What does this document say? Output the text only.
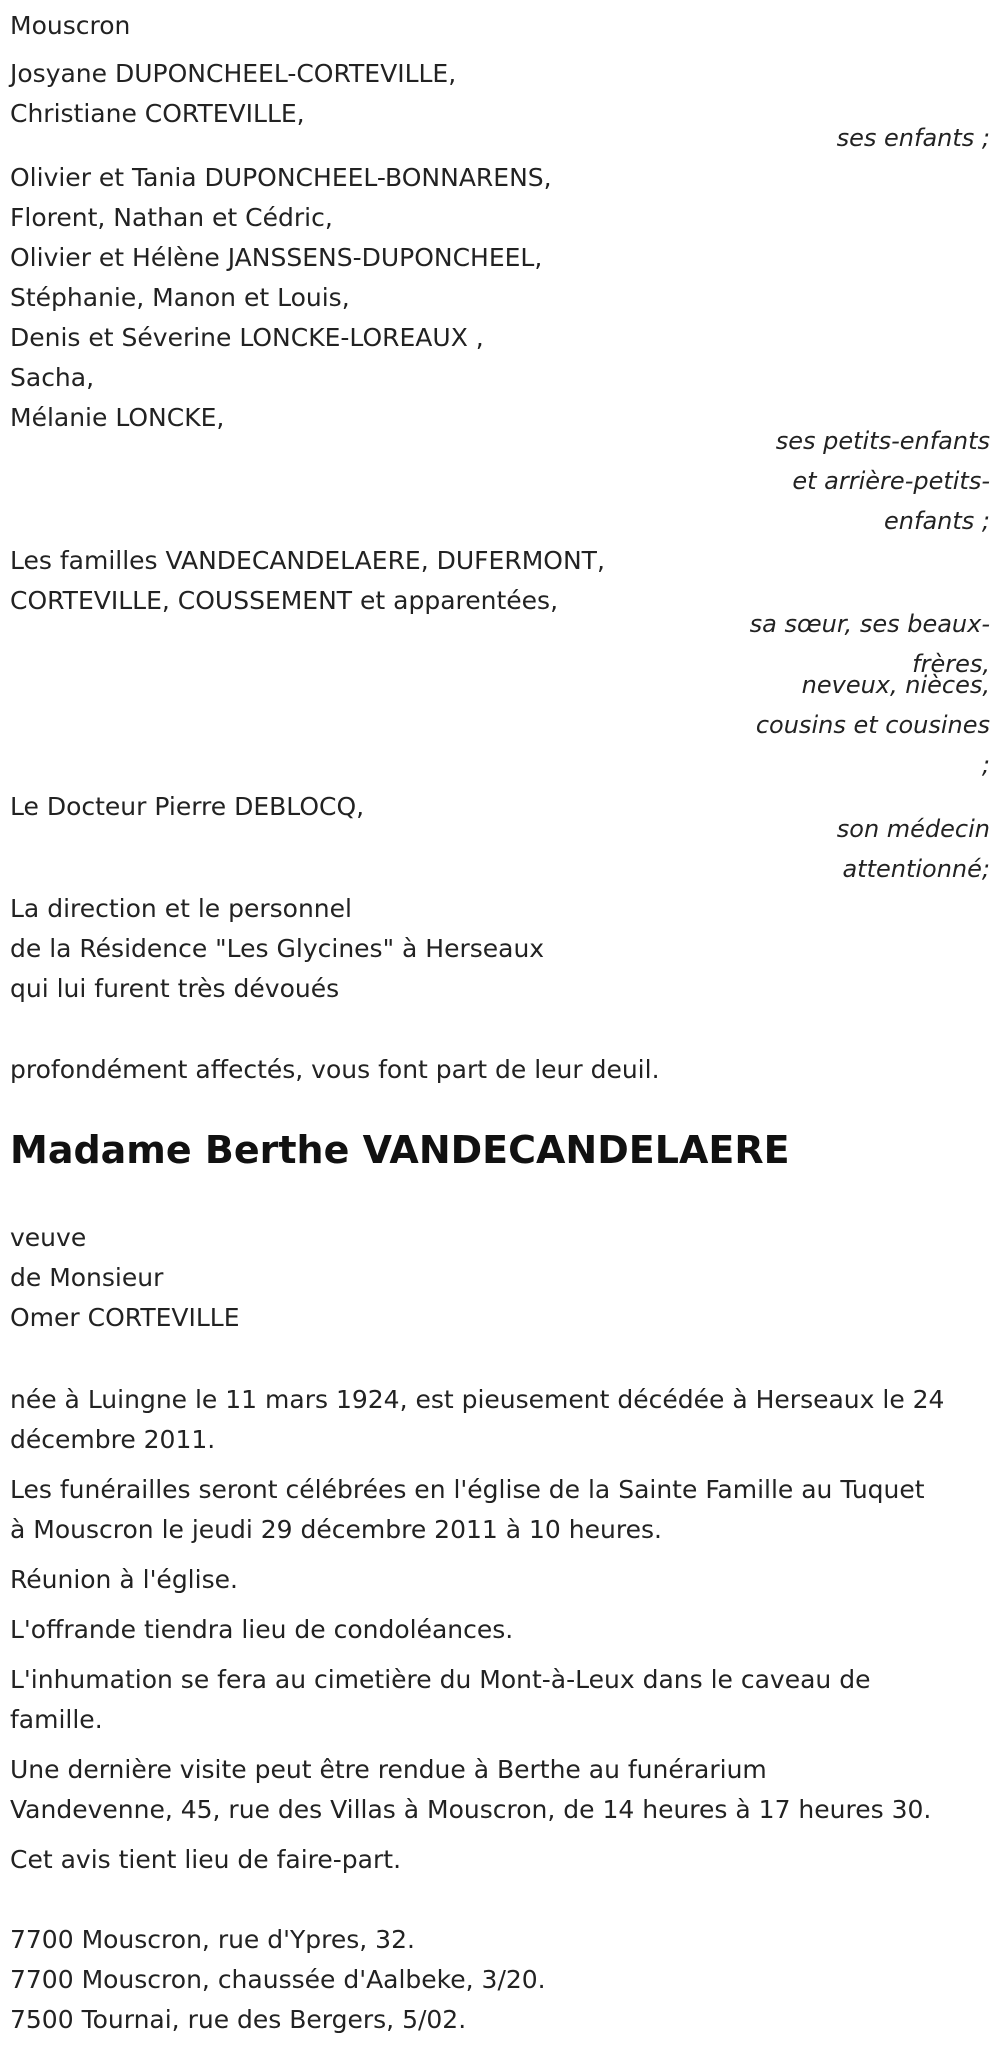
Mouscron

Josyane DUPONCHEEL-CORTEVILLE,

Christiane CORTEVILLE,

ses enfants ;

Olivier et Tania DUPONCHEEL-BONNARENS,

Florent, Nathan et Cédric,

Olivier et Hélène JANSSENS-DUPONCHEEL,

Stéphanie, Manon et Louis,

Denis et Séverine LONCKE-LOREAUX ,

Sacha,

Mélanie LONCKE,

ses petits-enfants

et arrière-petits-

enfants ;

Les familles VANDECANDELAERE, DUFERMONT,

CORTEVILLE, COUSSEMENT et apparentées,

sa sœur, ses beaux-

frères,

neveux, nièces,

cousins et cousines

;

Le Docteur Pierre DEBLOCQ,

son médecin

attentionné;

La direction et le personnel

de la Résidence "Les Glycines" à Herseaux

qui lui furent très dévoués

profondément affectés, vous font part de leur deuil.

Madame Berthe VANDECANDELAERE

veuve

de Monsieur

Omer CORTEVILLE

née à Luingne le 11 mars 1924, est pieusement décédée à Herseaux le 24

décembre 2011.

Les funérailles seront célébrées en l'église de la Sainte Famille au Tuquet

à Mouscron le jeudi 29 décembre 2011 à 10 heures.

Réunion à l'église.

L'offrande tiendra lieu de condoléances.

L'inhumation se fera au cimetière du Mont-à-Leux dans le caveau de

famille.

Une dernière visite peut être rendue à Berthe au funérarium

Vandevenne, 45, rue des Villas à Mouscron, de 14 heures à 17 heures 30.

Cet avis tient lieu de faire-part.

7700 Mouscron, rue d'Ypres, 32.

7700 Mouscron, chaussée d'Aalbeke, 3/20.

7500 Tournai, rue des Bergers, 5/02.
